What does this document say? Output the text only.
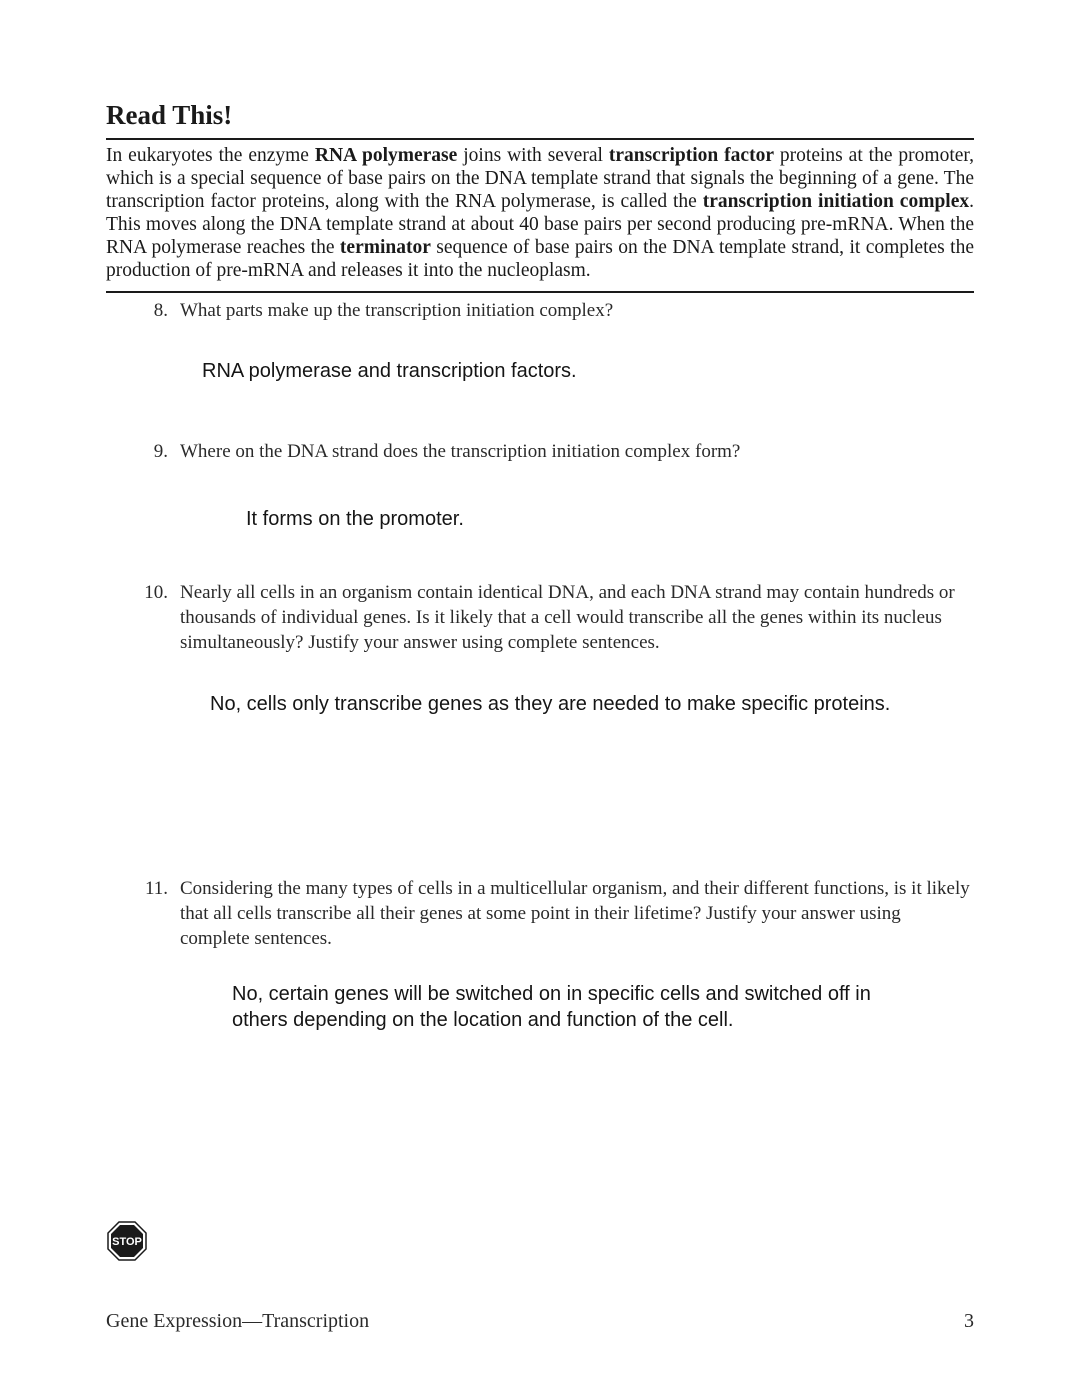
Read This!

In eukaryotes the enzyme RNA polymerase joins with several transcription factor proteins at the promoter, which is a special sequence of base pairs on the DNA template strand that signals the beginning of a gene. The transcription factor proteins, along with the RNA polymerase, is called the transcription initiation complex. This moves along the DNA template strand at about 40 base pairs per second producing pre-mRNA. When the RNA polymerase reaches the terminator sequence of base pairs on the DNA template strand, it completes the production of pre-mRNA and releases it into the nucleoplasm.

8. What parts make up the transcription initiation complex?

RNA polymerase and transcription factors.

9. Where on the DNA strand does the transcription initiation complex form?

It forms on the promoter.

10. Nearly all cells in an organism contain identical DNA, and each DNA strand may contain hundreds or thousands of individual genes. Is it likely that a cell would transcribe all the genes within its nucleus simultaneously? Justify your answer using complete sentences.

No, cells only transcribe genes as they are needed to make specific proteins.

11. Considering the many types of cells in a multicellular organism, and their different functions, is it likely that all cells transcribe all their genes at some point in their lifetime? Justify your answer using complete sentences.

No, certain genes will be switched on in specific cells and switched off in others depending on the location and function of the cell.

STOP
Gene Expression—Transcription	3
